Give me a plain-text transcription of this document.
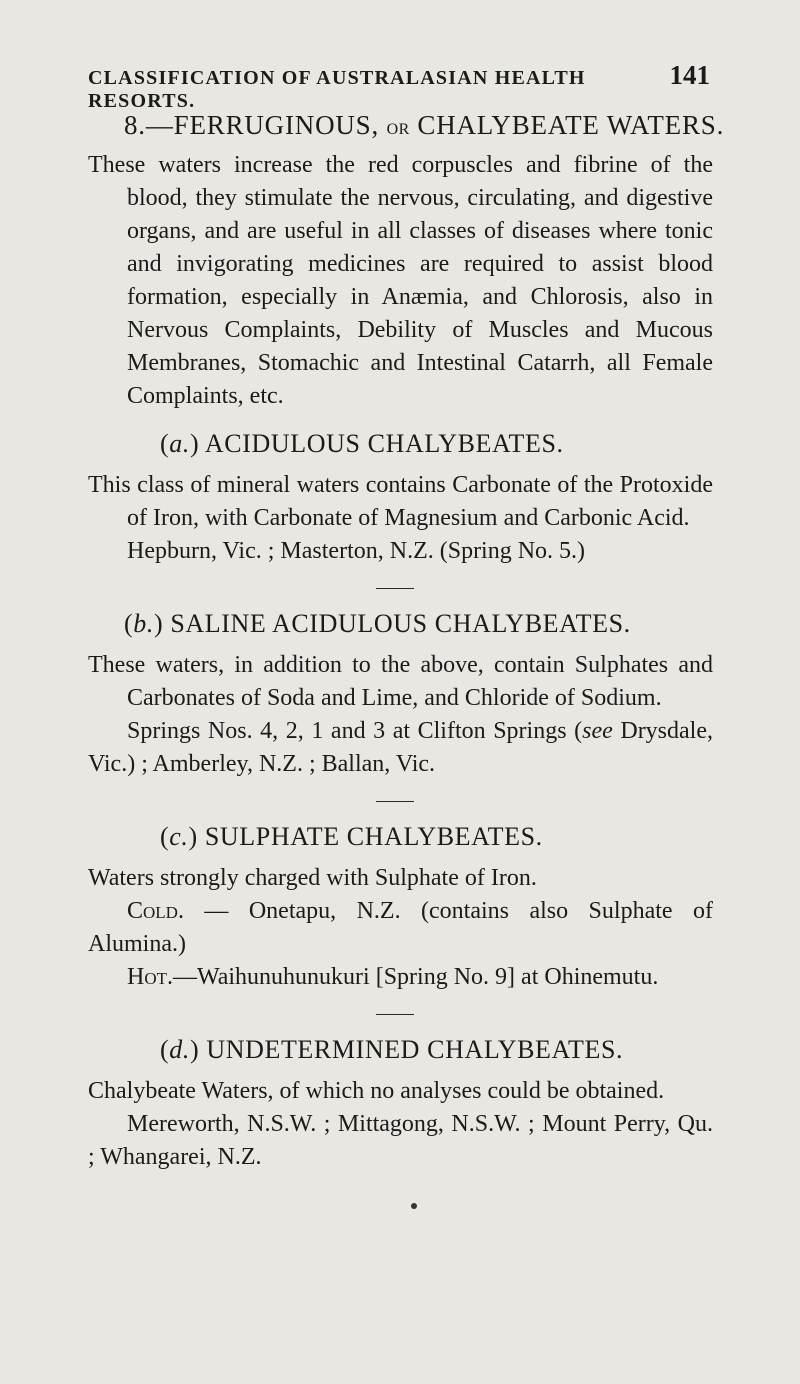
CLASSIFICATION OF AUSTRALASIAN HEALTH RESORTS.
141
8.—FERRUGINOUS, OR CHALYBEATE WATERS.

These waters increase the red corpuscles and fibrine of the blood, they stimulate the nervous, circulating, and digestive organs, and are useful in all classes of diseases where tonic and invigorating medicines are required to assist blood formation, especially in Anæmia, and Chlorosis, also in Nervous Complaints, Debility of Muscles and Mucous Membranes, Stomachic and Intestinal Catarrh, all Female Complaints, etc.

(a.) ACIDULOUS CHALYBEATES.

This class of mineral waters contains Carbonate of the Protoxide of Iron, with Carbonate of Magnesium and Carbonic Acid.

Hepburn, Vic. ; Masterton, N.Z. (Spring No. 5.)

(b.) SALINE ACIDULOUS CHALYBEATES.

These waters, in addition to the above, contain Sulphates and Carbonates of Soda and Lime, and Chloride of Sodium.

Springs Nos. 4, 2, 1 and 3 at Clifton Springs (see Drysdale, Vic.) ; Amberley, N.Z. ; Ballan, Vic.

(c.) SULPHATE CHALYBEATES.

Waters strongly charged with Sulphate of Iron.

Cold. — Onetapu, N.Z. (contains also Sulphate of Alumina.)

Hot.—Waihunuhunukuri [Spring No. 9] at Ohinemutu.

(d.) UNDETERMINED CHALYBEATES.

Chalybeate Waters, of which no analyses could be obtained.

Mereworth, N.S.W. ; Mittagong, N.S.W. ; Mount Perry, Qu. ; Whangarei, N.Z.
